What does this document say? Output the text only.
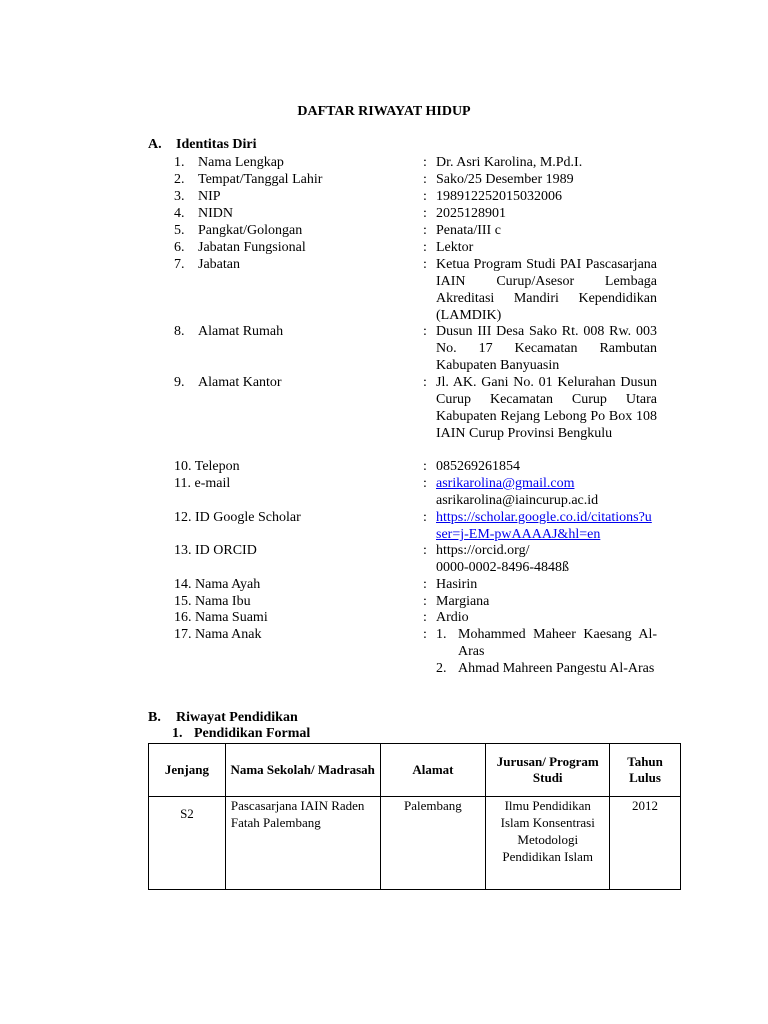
DAFTAR RIWAYAT HIDUP
A. Identitas Diri
1. Nama Lengkap	: Dr. Asri Karolina, M.Pd.I.
2. Tempat/Tanggal Lahir	: Sako/25 Desember 1989
3. NIP	: 198912252015032006
4. NIDN	: 2025128901
5. Pangkat/Golongan	: Penata/III c
6. Jabatan Fungsional	: Lektor
7. Jabatan	: Ketua Program Studi PAI Pascasarjana IAIN Curup/Asesor Lembaga Akreditasi Mandiri Kependidikan (LAMDIK)
8. Alamat Rumah	: Dusun III Desa Sako Rt. 008 Rw. 003 No. 17 Kecamatan Rambutan Kabupaten Banyuasin
9. Alamat Kantor	: Jl. AK. Gani No. 01 Kelurahan Dusun Curup Kecamatan Curup Utara Kabupaten Rejang Lebong Po Box 108 IAIN Curup Provinsi Bengkulu
10. Telepon	: 085269261854
11. e-mail	: asrikarolina@gmail.com
asrikarolina@iaincurup.ac.id
12. ID Google Scholar	: https://scholar.google.co.id/citations?user=j-EM-pwAAAAJ&hl=en
13. ID ORCID	: https://orcid.org/
0000-0002-8496-4848ß
14. Nama Ayah	: Hasirin
15. Nama Ibu	: Margiana
16. Nama Suami	: Ardio
17. Nama Anak	: 1. Mohammed Maheer Kaesang Al-Aras
2. Ahmad Mahreen Pangestu Al-Aras
B. Riwayat Pendidikan
1. Pendidikan Formal
Jenjang	Nama Sekolah/ Madrasah	Alamat	Jurusan/ Program Studi	Tahun Lulus
S2	Pascasarjana IAIN Raden Fatah Palembang	Palembang	Ilmu Pendidikan Islam Konsentrasi Metodologi Pendidikan Islam	2012
